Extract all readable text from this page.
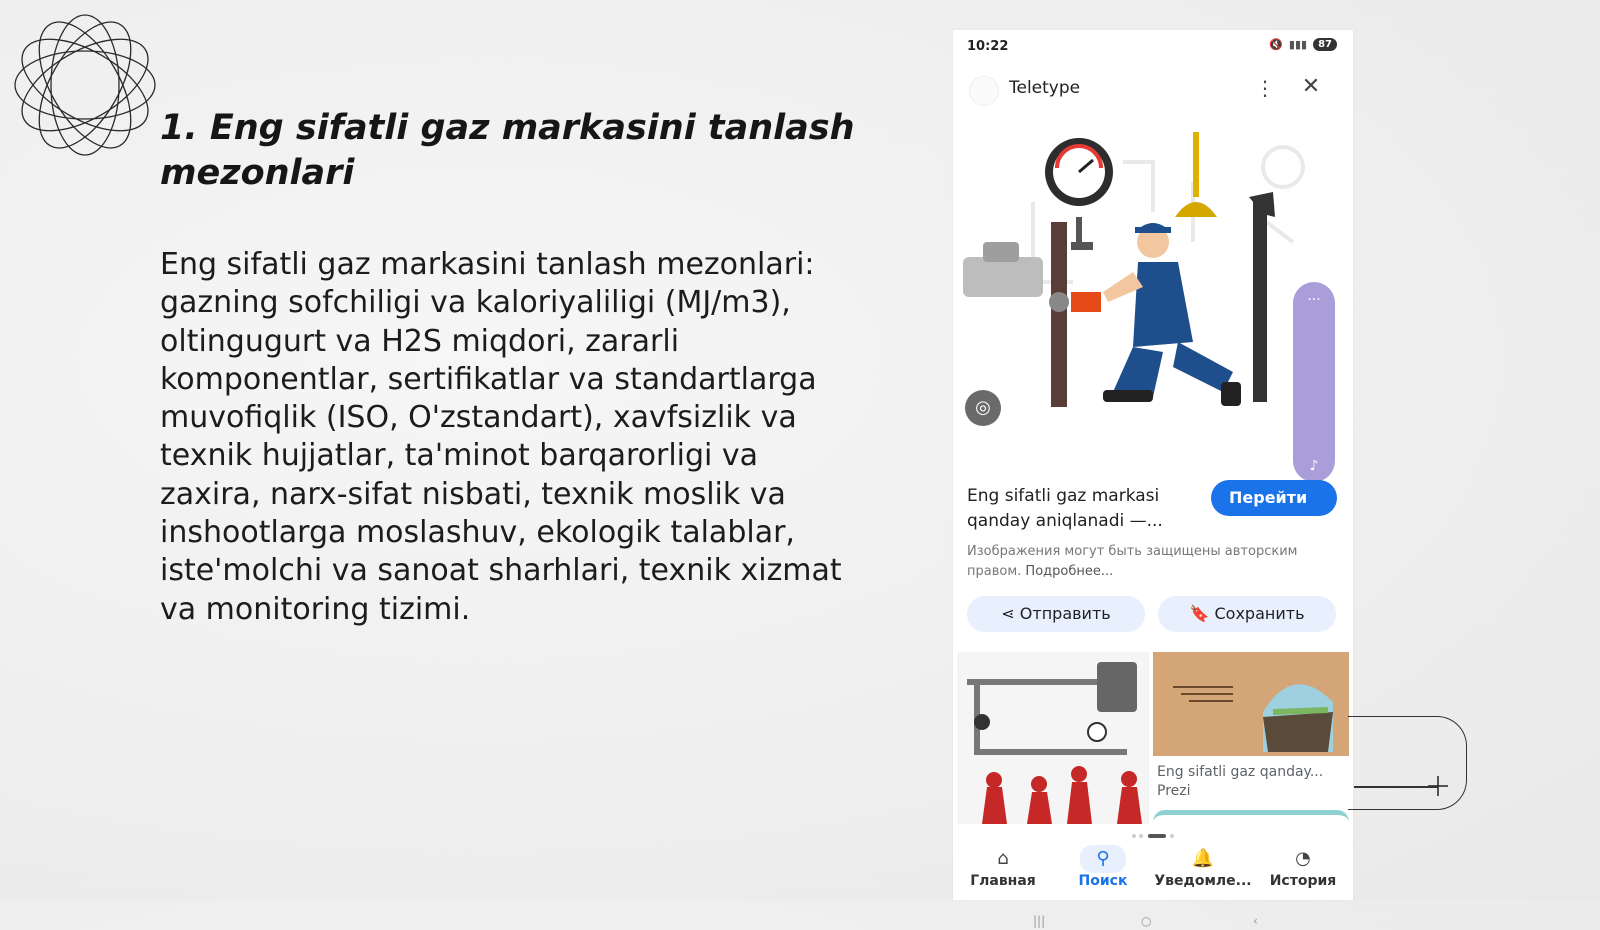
1. Eng sifatli gaz markasini tanlash mezonlari

Eng sifatli gaz markasini tanlash mezonlari: gazning sofchiligi va kaloriyaliligi (MJ/m3), oltingugurt va H2S miqdori, zararli komponentlar, sertifikatlar va standartlarga muvofiqlik (ISO, O'zstandart), xavfsizlik va texnik hujjatlar, ta'minot barqarorligi va zaxira, narx-sifat nisbati, texnik moslik va inshootlarga moslashuv, ekologik talablar, iste'molchi va sanoat sharhlari, texnik xizmat va monitoring tizimi.

10:22	🔇 ▮▮▮	87
Teletype	⋮ ✕
◎
...
♪
Eng sifatli gaz markasi qanday aniqlanadi —...
Перейти
Изображения могут быть защищены авторским правом. Подробнее...
⋖ Отправить	🔖 Сохранить
Eng sifatli gaz qanday...
Prezi
⌂
Главная
⚲
Поиск
🔔
Уведомле...
◔
История
|||	○	‹
